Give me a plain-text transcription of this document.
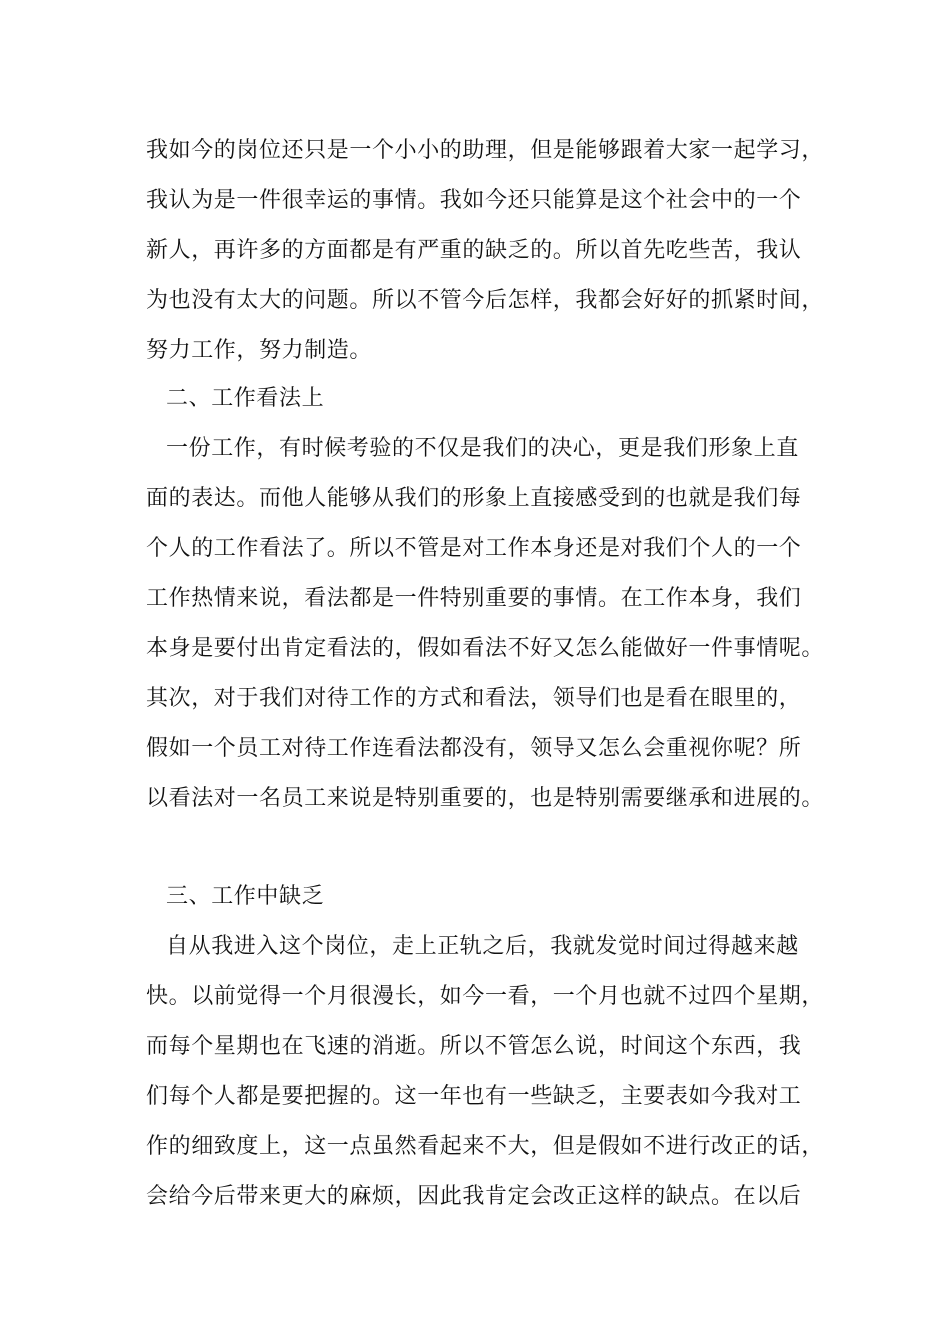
我如今的岗位还只是一个小小的助理，但是能够跟着大家一起学习，
我认为是一件很幸运的事情。我如今还只能算是这个社会中的一个
新人，再许多的方面都是有严重的缺乏的。所以首先吃些苦，我认
为也没有太大的问题。所以不管今后怎样，我都会好好的抓紧时间，
努力工作，努力制造。
二、工作看法上
一份工作，有时候考验的不仅是我们的决心，更是我们形象上直
面的表达。而他人能够从我们的形象上直接感受到的也就是我们每
个人的工作看法了。所以不管是对工作本身还是对我们个人的一个
工作热情来说，看法都是一件特别重要的事情。在工作本身，我们
本身是要付出肯定看法的，假如看法不好又怎么能做好一件事情呢。
其次，对于我们对待工作的方式和看法，领导们也是看在眼里的，
假如一个员工对待工作连看法都没有，领导又怎么会重视你呢？所
以看法对一名员工来说是特别重要的，也是特别需要继承和进展的。
三、工作中缺乏
自从我进入这个岗位，走上正轨之后，我就发觉时间过得越来越
快。以前觉得一个月很漫长，如今一看，一个月也就不过四个星期，
而每个星期也在飞速的消逝。所以不管怎么说，时间这个东西，我
们每个人都是要把握的。这一年也有一些缺乏，主要表如今我对工
作的细致度上，这一点虽然看起来不大，但是假如不进行改正的话，
会给今后带来更大的麻烦，因此我肯定会改正这样的缺点。在以后
